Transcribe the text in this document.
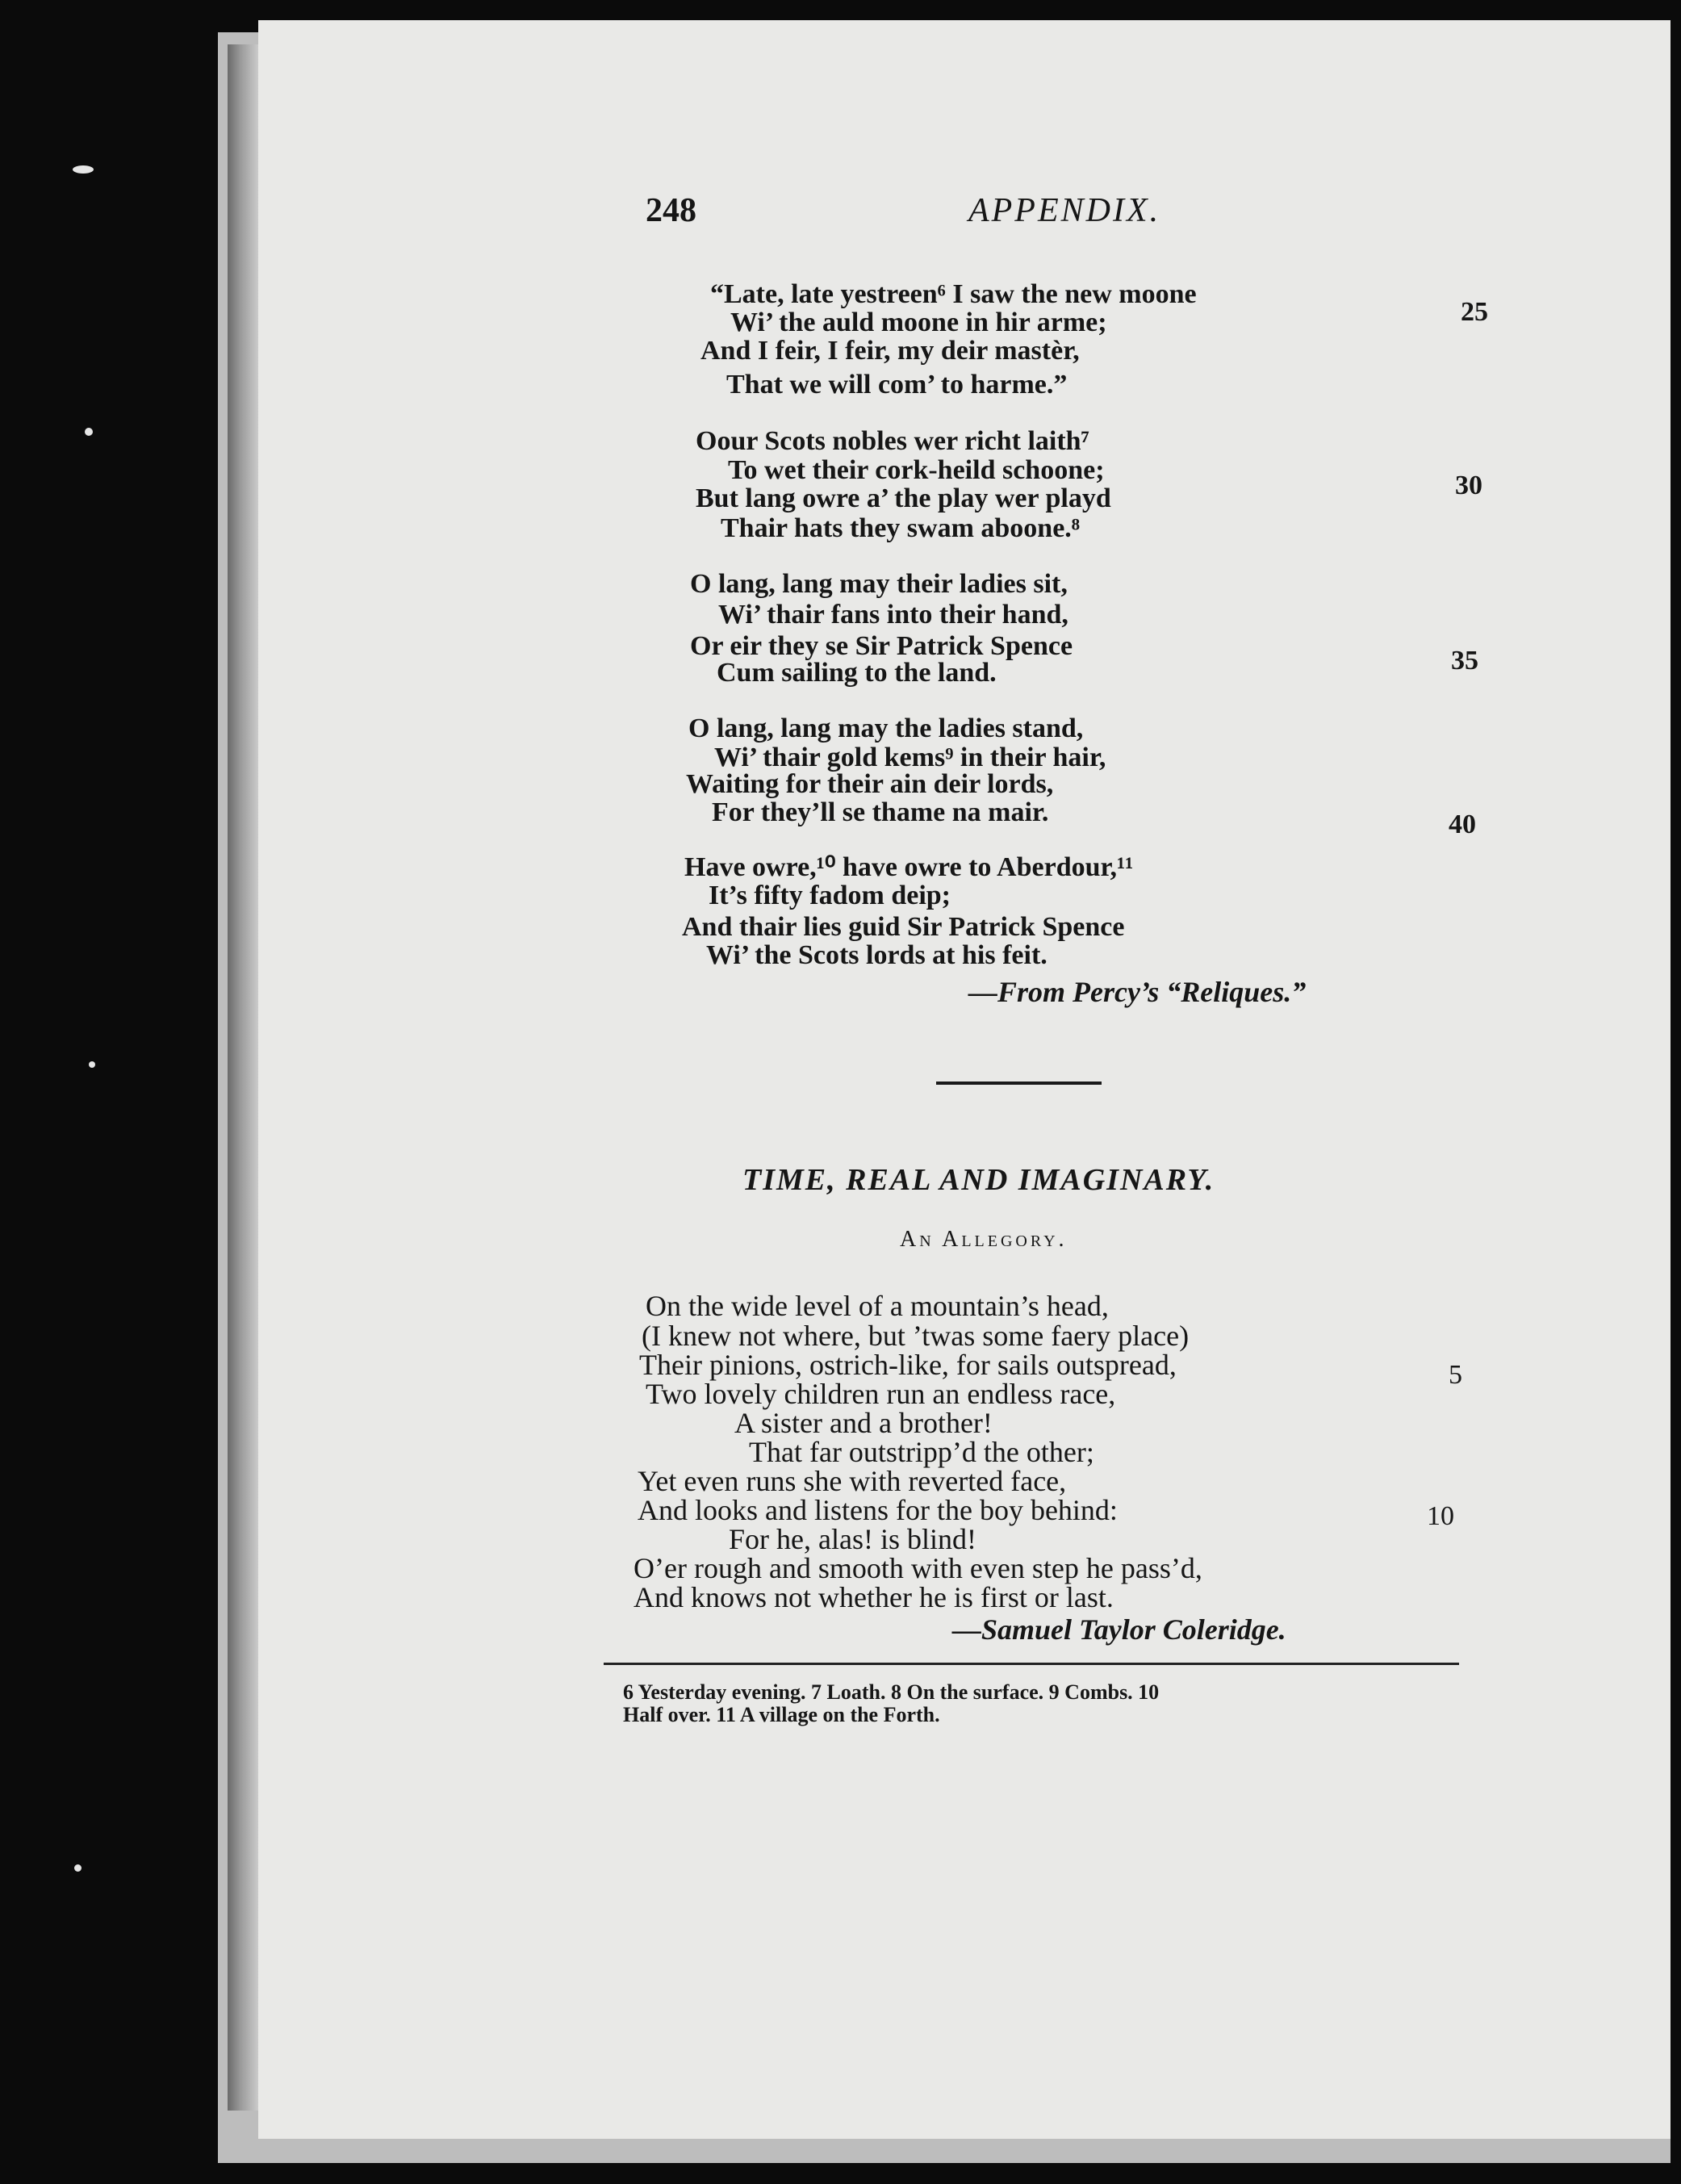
248	APPENDIX.
“Late, late yestreen⁶ I saw the new moone
Wi’ the auld moone in hir arme;
And I feir, I feir, my deir mastèr,
That we will com’ to harme.”
Oour Scots nobles wer richt laith⁷
To wet their cork-heild schoone;
But lang owre a’ the play wer playd
Thair hats they swam aboone.⁸
O lang, lang may their ladies sit,
Wi’ thair fans into their hand,
Or eir they se Sir Patrick Spence
Cum sailing to the land.
O lang, lang may the ladies stand,
Wi’ thair gold kems⁹ in their hair,
Waiting for their ain deir lords,
For they’ll se thame na mair.
Have owre,¹⁰ have owre to Aberdour,¹¹
It’s fifty fadom deip;
And thair lies guid Sir Patrick Spence
Wi’ the Scots lords at his feit.
25
30
35
40
—From Percy’s “Reliques.”
TIME, REAL AND IMAGINARY.
An Allegory.
On the wide level of a mountain’s head,
(I knew not where, but ’twas some faery place)
Their pinions, ostrich-like, for sails outspread,
Two lovely children run an endless race,
A sister and a brother!
That far outstripp’d the other;
Yet even runs she with reverted face,
And looks and listens for the boy behind:
For he, alas! is blind!
O’er rough and smooth with even step he pass’d,
And knows not whether he is first or last.
5
10
—Samuel Taylor Coleridge.
6 Yesterday evening. 7 Loath. 8 On the surface. 9 Combs. 10
Half over. 11 A village on the Forth.
